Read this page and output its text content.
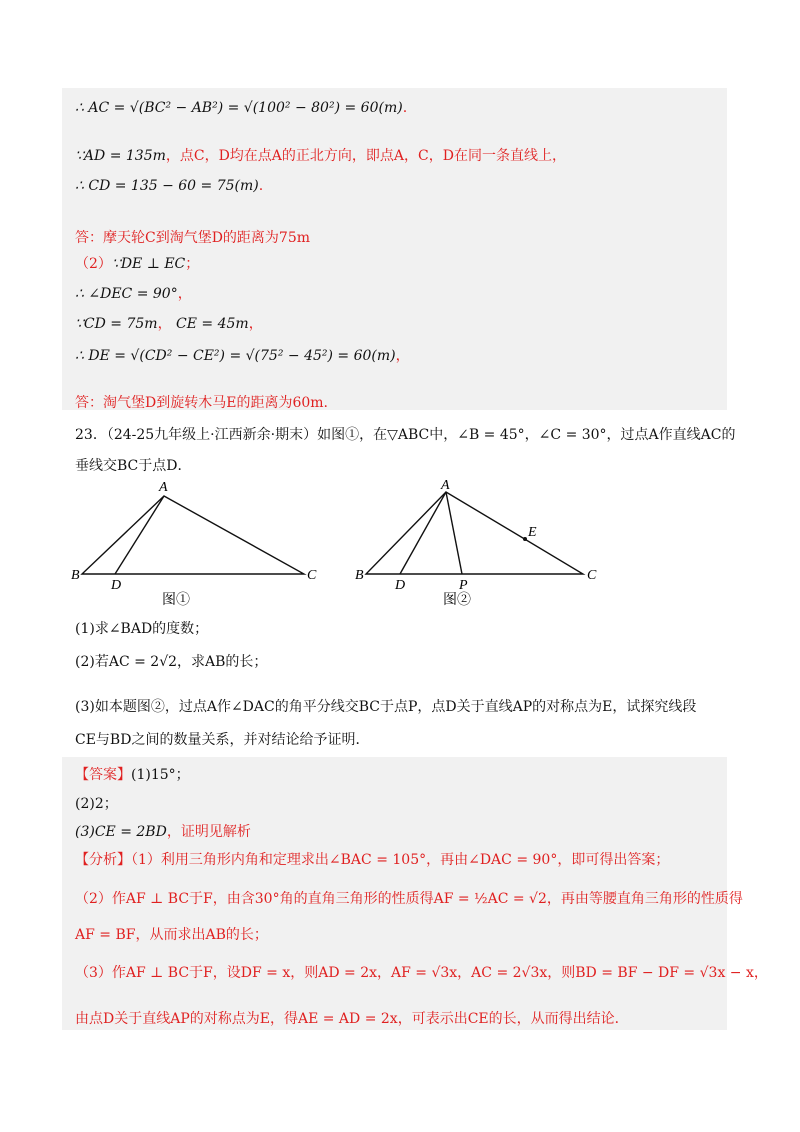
∴ AC = √(BC² − AB²) = √(100² − 80²) = 60(m).
∵AD = 135m，点C，D均在点A的正北方向，即点A，C，D在同一条直线上，
∴ CD = 135 − 60 = 75(m).
答：摩天轮C到淘气堡D的距离为75m
（2）∵DE ⊥ EC；
∴ ∠DEC = 90°，
∵CD = 75m， CE = 45m，
∴ DE = √(CD² − CE²) = √(75² − 45²) = 60(m)，
答：淘气堡D到旋转木马E的距离为60m.
23．（24-25九年级上·江西新余·期末）如图①，在▽ABC中，∠B = 45°，∠C = 30°，过点A作直线AC的
垂线交BC于点D．
A
B
D
C
图①
A
B
D	P
E
C
图②
(1)求∠BAD的度数；
(2)若AC = 2√2，求AB的长；
(3)如本题图②，过点A作∠DAC的角平分线交BC于点P，点D关于直线AP的对称点为E，试探究线段
CE与BD之间的数量关系，并对结论给予证明．
【答案】(1)15°；
(2)2；
(3)CE = 2BD，证明见解析
【分析】（1）利用三角形内角和定理求出∠BAC = 105°，再由∠DAC = 90°，即可得出答案；
（2）作AF ⊥ BC于F，由含30°角的直角三角形的性质得AF = ½AC = √2，再由等腰直角三角形的性质得
AF = BF，从而求出AB的长；
（3）作AF ⊥ BC于F，设DF = x，则AD = 2x，AF = √3x，AC = 2√3x，则BD = BF − DF = √3x − x，
由点D关于直线AP的对称点为E，得AE = AD = 2x，可表示出CE的长，从而得出结论．
